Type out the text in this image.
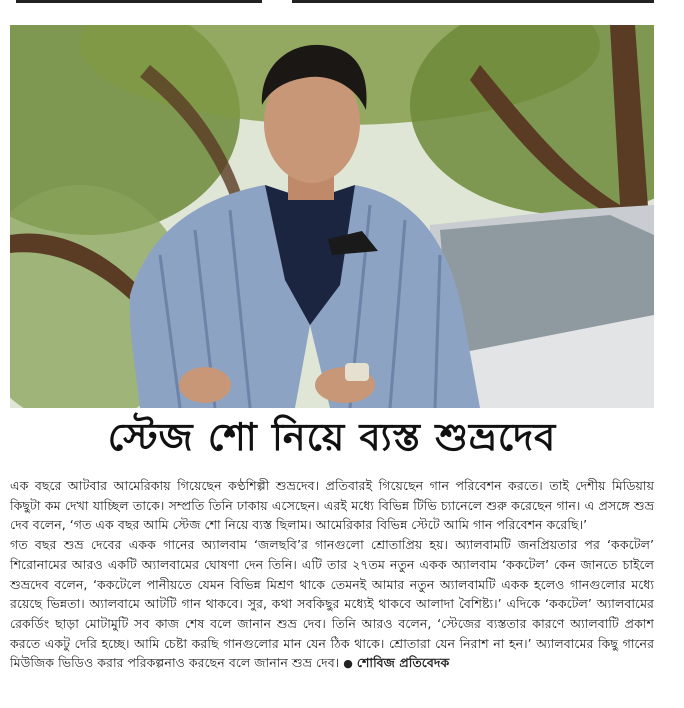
স্টেজ শো নিয়ে ব্যস্ত শুভ্রদেব

এক বছরে আটবার আমেরিকায় গিয়েছেন কণ্ঠশিল্পী শুভ্রদেব। প্রতিবারই গিয়েছেন গান পরিবেশন করতে। তাই দেশীয় মিডিয়ায় কিছুটা কম দেখা যাচ্ছিল তাকে। সম্প্রতি তিনি ঢাকায় এসেছেন। এরই মধ্যে বিভিন্ন টিভি চ্যানেলে শুরু করেছেন গান। এ প্রসঙ্গে শুভ্র দেব বলেন, ‘গত এক বছর আমি স্টেজ শো নিয়ে ব্যস্ত ছিলাম। আমেরিকার বিভিন্ন স্টেটে আমি গান পরিবেশন করেছি।’

গত বছর শুভ্র দেবের একক গানের অ্যালবাম ‘জলছবি’র গানগুলো শ্রোতাপ্রিয় হয়। অ্যালবামটি জনপ্রিয়তার পর ‘ককটেল’ শিরোনামের আরও একটি অ্যালবামের ঘোষণা দেন তিনি। এটি তার ২৭তম নতুন একক অ্যালবাম ‘ককটেল’ কেন জানতে চাইলে শুভ্রদেব বলেন, ‘ককটেলে পানীয়তে যেমন বিভিন্ন মিশ্রণ থাকে তেমনই আমার নতুন অ্যালবামটি একক হলেও গানগুলোর মধ্যে রয়েছে ভিন্নতা। অ্যালবামে আটটি গান থাকবে। সুর, কথা সবকিছুর মধ্যেই থাকবে আলাদা বৈশিষ্ট্য।’ এদিকে ‘ককটেল’ অ্যালবামের রেকর্ডিং ছাড়া মোটামুটি সব কাজ শেষ বলে জানান শুভ্র দেব। তিনি আরও বলেন, ‘স্টেজের ব্যস্ততার কারণে অ্যালবাটি প্রকাশ করতে একটু দেরি হচ্ছে। আমি চেষ্টা করছি গানগুলোর মান যেন ঠিক থাকে। শ্রোতারা যেন নিরাশ না হন।’ অ্যালবামের কিছু গানের মিউজিক ভিডিও করার পরিকল্পনাও করছেন বলে জানান শুভ্র দেব। ● শোবিজ প্রতিবেদক
